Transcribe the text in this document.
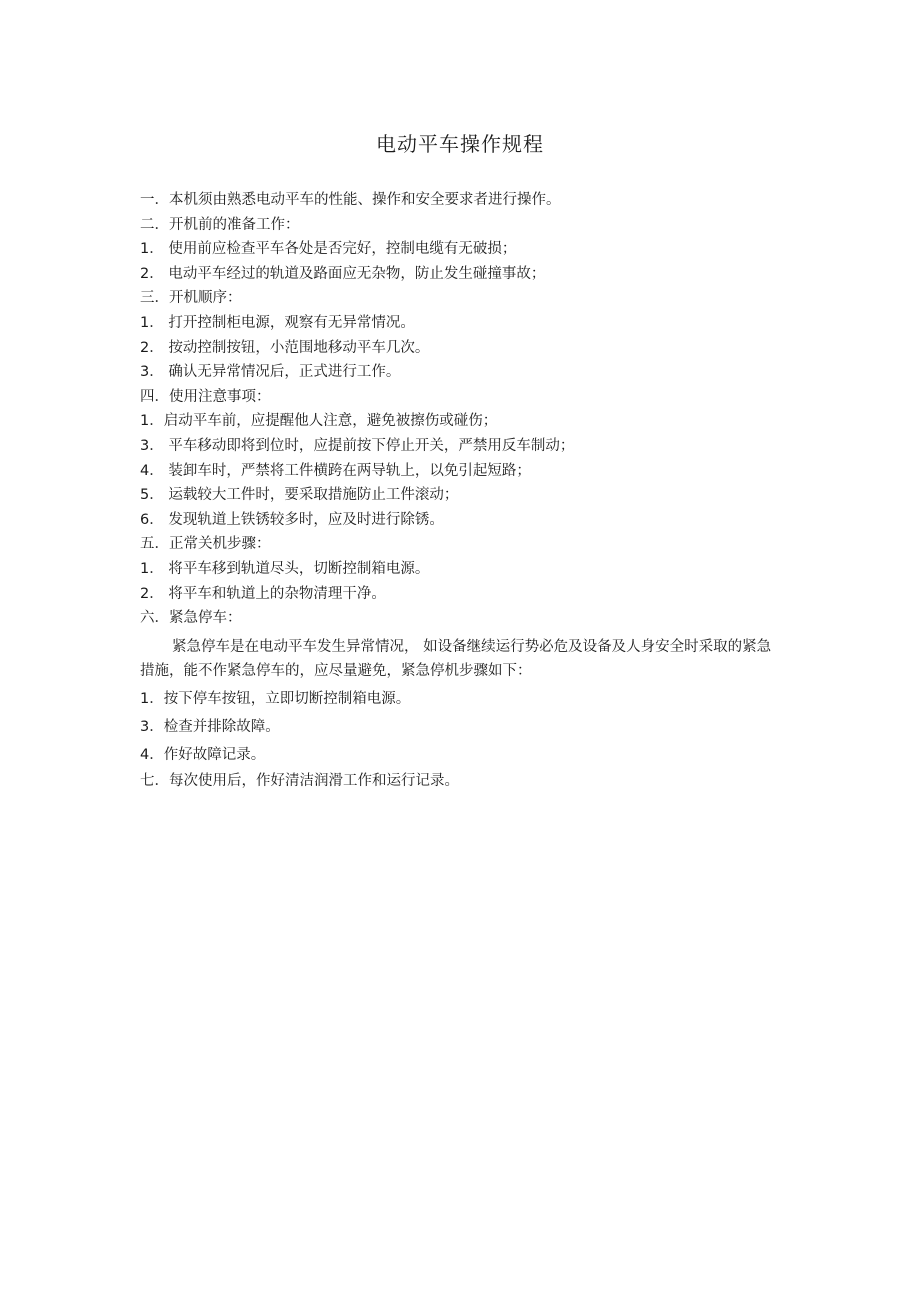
电动平车操作规程
一．本机须由熟悉电动平车的性能、操作和安全要求者进行操作。
二．开机前的准备工作：
1． 使用前应检查平车各处是否完好，控制电缆有无破损；
2． 电动平车经过的轨道及路面应无杂物，防止发生碰撞事故；
三．开机顺序：
1． 打开控制柜电源，观察有无异常情况。
2． 按动控制按钮，小范围地移动平车几次。
3． 确认无异常情况后，正式进行工作。
四．使用注意事项：
1．启动平车前，应提醒他人注意，避免被擦伤或碰伤；
3． 平车移动即将到位时，应提前按下停止开关，严禁用反车制动；
4． 装卸车时，严禁将工件横跨在两导轨上，以免引起短路；
5． 运载较大工件时，要采取措施防止工件滚动；
6． 发现轨道上铁锈较多时，应及时进行除锈。
五．正常关机步骤：
1． 将平车移到轨道尽头，切断控制箱电源。
2． 将平车和轨道上的杂物清理干净。
六．紧急停车：
紧急停车是在电动平车发生异常情况， 如设备继续运行势必危及设备及人身安全时采取的紧急措施，能不作紧急停车的，应尽量避免，紧急停机步骤如下：
1．按下停车按钮，立即切断控制箱电源。
3．检查并排除故障。
4．作好故障记录。
七．每次使用后，作好清洁润滑工作和运行记录。
